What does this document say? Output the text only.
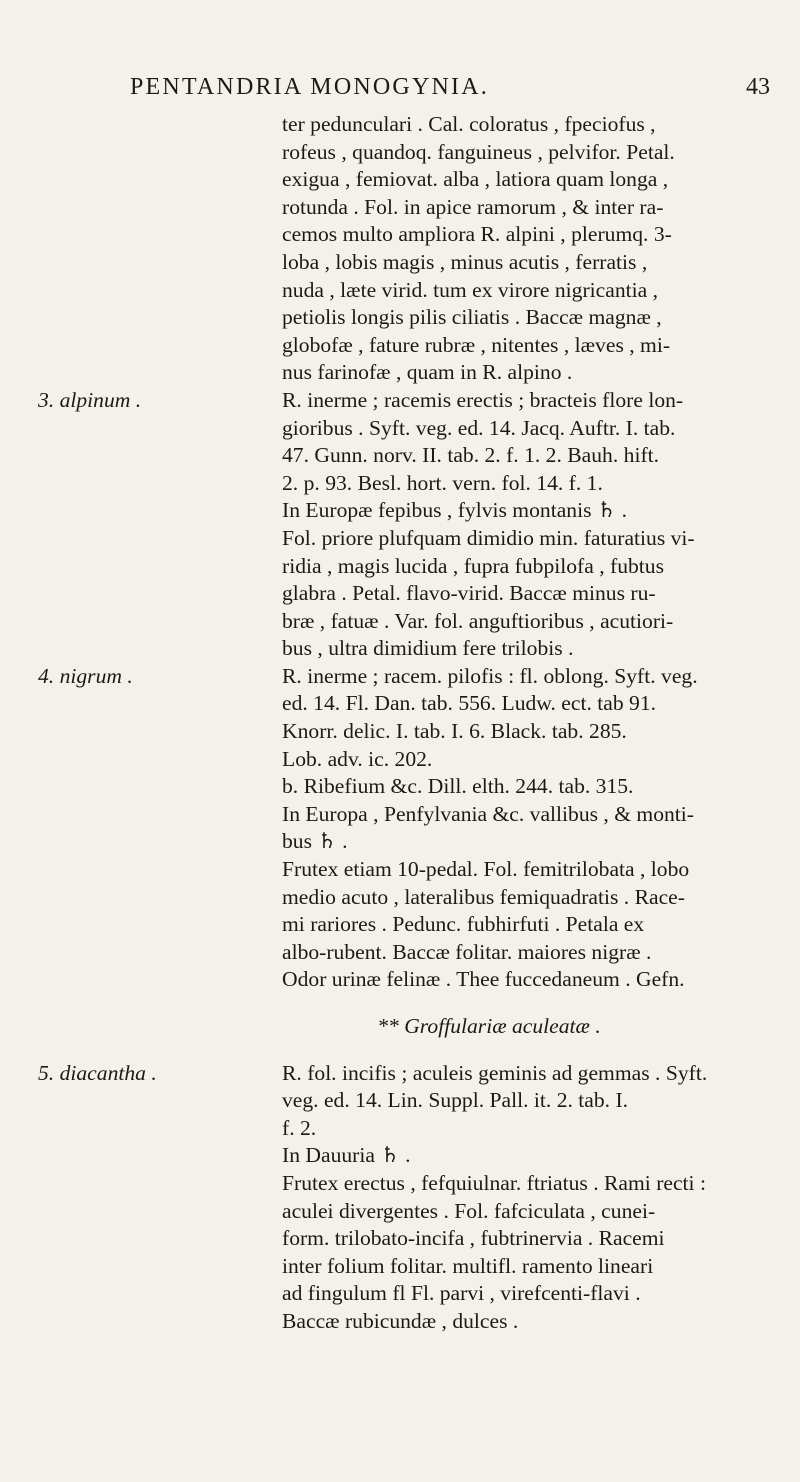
PENTANDRIA MONOGYNIA.	43
ter pedunculari . Cal. coloratus , fpeciofus ,
rofeus , quandoq. fanguineus , pelvifor. Petal.
exigua , femiovat. alba , latiora quam longa ,
rotunda . Fol. in apice ramorum , & inter ra-
cemos multo ampliora R. alpini , plerumq. 3-
loba , lobis magis , minus acutis , ferratis ,
nuda , læte virid. tum ex virore nigricantia ,
petiolis longis pilis ciliatis . Baccæ magnæ ,
globofæ , fature rubræ , nitentes , læves , mi-
nus farinofæ , quam in R. alpino .
3. alpinum .	R. inerme ; racemis erectis ; bracteis flore lon-
gioribus . Syft. veg. ed. 14. Jacq. Auftr. I. tab.
47. Gunn. norv. II. tab. 2. f. 1. 2. Bauh. hift.
2. p. 93. Besl. hort. vern. fol. 14. f. 1.
In Europæ fepibus , fylvis montanis ♄ .
Fol. priore plufquam dimidio min. faturatius vi-
ridia , magis lucida , fupra fubpilofa , fubtus
glabra . Petal. flavo-virid. Baccæ minus ru-
bræ , fatuæ . Var. fol. anguftioribus , acutiori-
bus , ultra dimidium fere trilobis .
4. nigrum .	R. inerme ; racem. pilofis : fl. oblong. Syft. veg.
ed. 14. Fl. Dan. tab. 556. Ludw. ect. tab 91.
Knorr. delic. I. tab. I. 6. Black. tab. 285.
Lob. adv. ic. 202.
b. Ribefium &c. Dill. elth. 244. tab. 315.
In Europa , Penfylvania &c. vallibus , & monti-
bus ♄ .
Frutex etiam 10-pedal. Fol. femitrilobata , lobo
medio acuto , lateralibus femiquadratis . Race-
mi rariores . Pedunc. fubhirfuti . Petala ex
albo-rubent. Baccæ folitar. maiores nigræ .
Odor urinæ felinæ . Thee fuccedaneum . Gefn.
** Groffulariæ aculeatæ .
5. diacantha .	R. fol. incifis ; aculeis geminis ad gemmas . Syft.
veg. ed. 14. Lin. Suppl. Pall. it. 2. tab. I.
f. 2.
In Dauuria ♄ .
Frutex erectus , fefquiulnar. ftriatus . Rami recti :
aculei divergentes . Fol. fafciculata , cunei-
form. trilobato-incifa , fubtrinervia . Racemi
inter folium folitar. multifl. ramento lineari
ad fingulum fl Fl. parvi , virefcenti-flavi .
Baccæ rubicundæ , dulces .
